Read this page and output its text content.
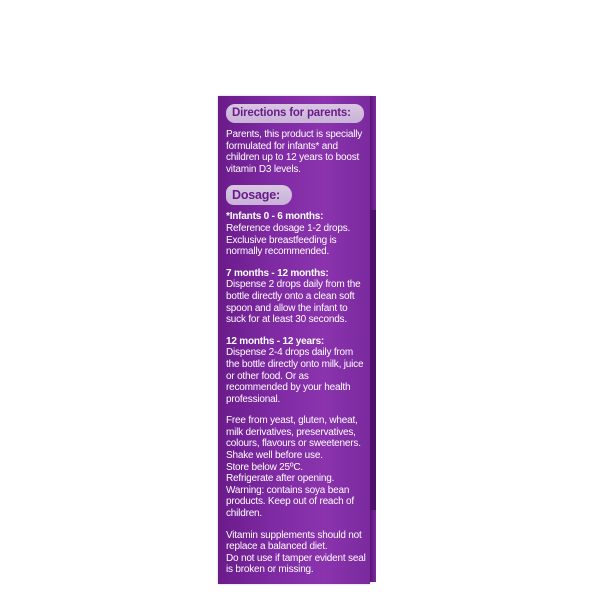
Directions for parents:

Parents, this product is specially formulated for infants* and children up to 12 years to boost vitamin D3 levels.

Dosage:

*Infants 0 - 6 months:
Reference dosage 1-2 drops. Exclusive breastfeeding is normally recommended.

7 months - 12 months:
Dispense 2 drops daily from the bottle directly onto a clean soft spoon and allow the infant to suck for at least 30 seconds.

12 months - 12 years:
Dispense 2-4 drops daily from the bottle directly onto milk, juice or other food. Or as recommended by your health professional.

Free from yeast, gluten, wheat, milk derivatives, preservatives, colours, flavours or sweeteners.
Shake well before use.
Store below 25ºC.
Refrigerate after opening.
Warning: contains soya bean products. Keep out of reach of children.

Vitamin supplements should not replace a balanced diet.
Do not use if tamper evident seal is broken or missing.
